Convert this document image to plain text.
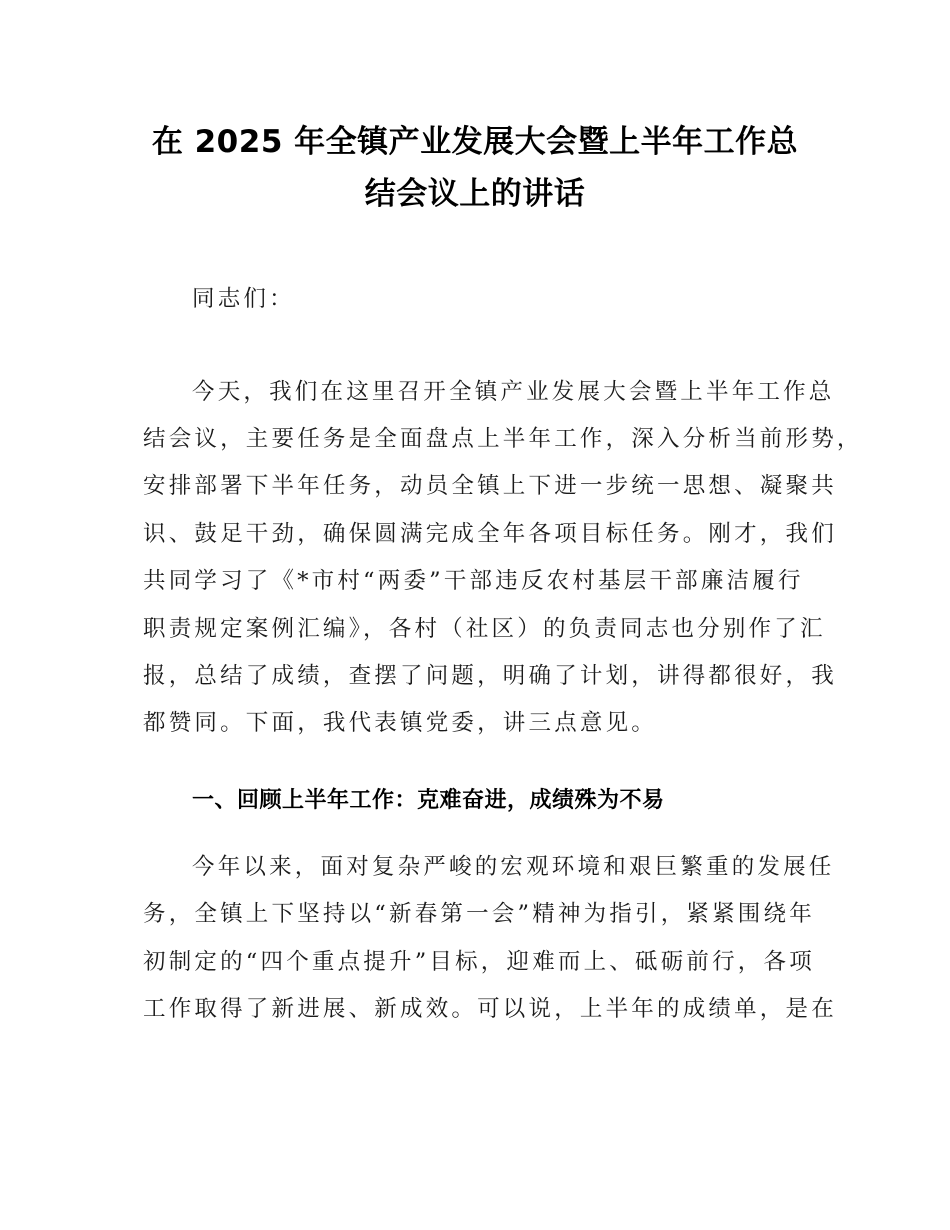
在 2025 年全镇产业发展大会暨上半年工作总
结会议上的讲话
同志们：
今天，我们在这里召开全镇产业发展大会暨上半年工作总
结会议，主要任务是全面盘点上半年工作，深入分析当前形势，
安排部署下半年任务，动员全镇上下进一步统一思想、凝聚共
识、鼓足干劲，确保圆满完成全年各项目标任务。刚才，我们
共同学习了《*市村“两委”干部违反农村基层干部廉洁履行
职责规定案例汇编》，各村（社区）的负责同志也分别作了汇
报，总结了成绩，查摆了问题，明确了计划，讲得都很好，我
都赞同。下面，我代表镇党委，讲三点意见。
一、回顾上半年工作：克难奋进，成绩殊为不易
今年以来，面对复杂严峻的宏观环境和艰巨繁重的发展任
务，全镇上下坚持以“新春第一会”精神为指引，紧紧围绕年
初制定的“四个重点提升”目标，迎难而上、砥砺前行，各项
工作取得了新进展、新成效。可以说，上半年的成绩单，是在
